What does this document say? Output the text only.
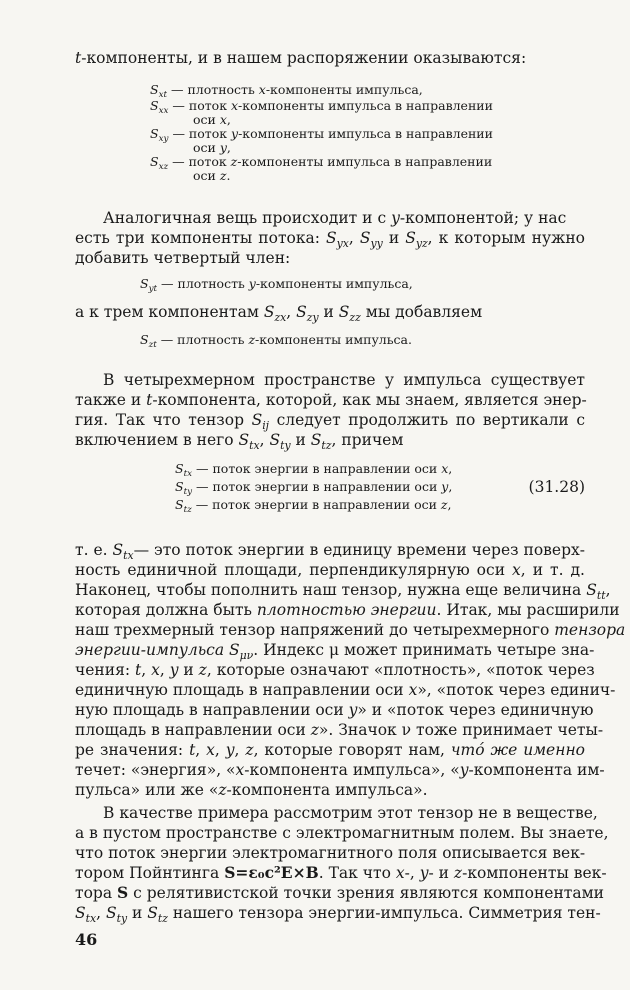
t-компоненты, и в нашем распоряжении оказываются:
$S_{xt}$ — плотность x-компоненты импульса,
$S_{xx}$ — поток x-компоненты импульса в направлении
оси x,
$S_{xy}$ — поток y-компоненты импульса в направлении
оси y,
$S_{xz}$ — поток z-компоненты импульса в направлении
оси z.
Аналогичная вещь происходит и с y-компонентой; у нас
есть три компоненты потока: $S_{yx}$, $S_{yy}$ и $S_{yz}$, к которым нужно
добавить четвертый член:
$S_{yt}$ — плотность y-компоненты импульса,
а к трем компонентам $S_{zx}$, $S_{zy}$ и $S_{zz}$ мы добавляем
$S_{zt}$ — плотность z-компоненты импульса.
В четырехмерном пространстве у импульса существует
также и t-компонента, которой, как мы знаем, является энер-
гия. Так что тензор $S_{ij}$ следует продолжить по вертикали с
включением в него $S_{tx}$, $S_{ty}$ и $S_{tz}$, причем
$S_{tx}$ — поток энергии в направлении оси x,
$S_{ty}$ — поток энергии в направлении оси y,
$S_{tz}$ — поток энергии в направлении оси z,
(31.28)
т. е. $S_{tx}—$ это поток энергии в единицу времени через поверх-
ность единичной площади, перпендикулярную оси x, и т. д.
Наконец, чтобы пополнить наш тензор, нужна еще величина $S_{tt}$,
которая должна быть плотностью энергии. Итак, мы расширили
наш трехмерный тензор напряжений до четырехмерного тензора
энергии-импульса $S_{\mu\nu}$. Индекс μ может принимать четыре зна-
чения: t, x, y и z, которые означают «плотность», «поток через
единичную площадь в направлении оси x», «поток через единич-
ную площадь в направлении оси y» и «поток через единичную
площадь в направлении оси z». Значок ν тоже принимает четы-
ре значения: t, x, y, z, которые говорят нам, что́ же именно
течет: «энергия», «x-компонента импульса», «y-компонента им-
пульса» или же «z-компонента импульса».
В качестве примера рассмотрим этот тензор не в веществе,
а в пустом пространстве с электромагнитным полем. Вы знаете,
что поток энергии электромагнитного поля описывается век-
тором Пойнтинга S=ε₀c²E×B. Так что x-, y- и z-компоненты век-
тора S с релятивистской точки зрения являются компонентами
$S_{tx}$, $S_{ty}$ и $S_{tz}$ нашего тензора энергии-импульса. Симметрия тен-
46
